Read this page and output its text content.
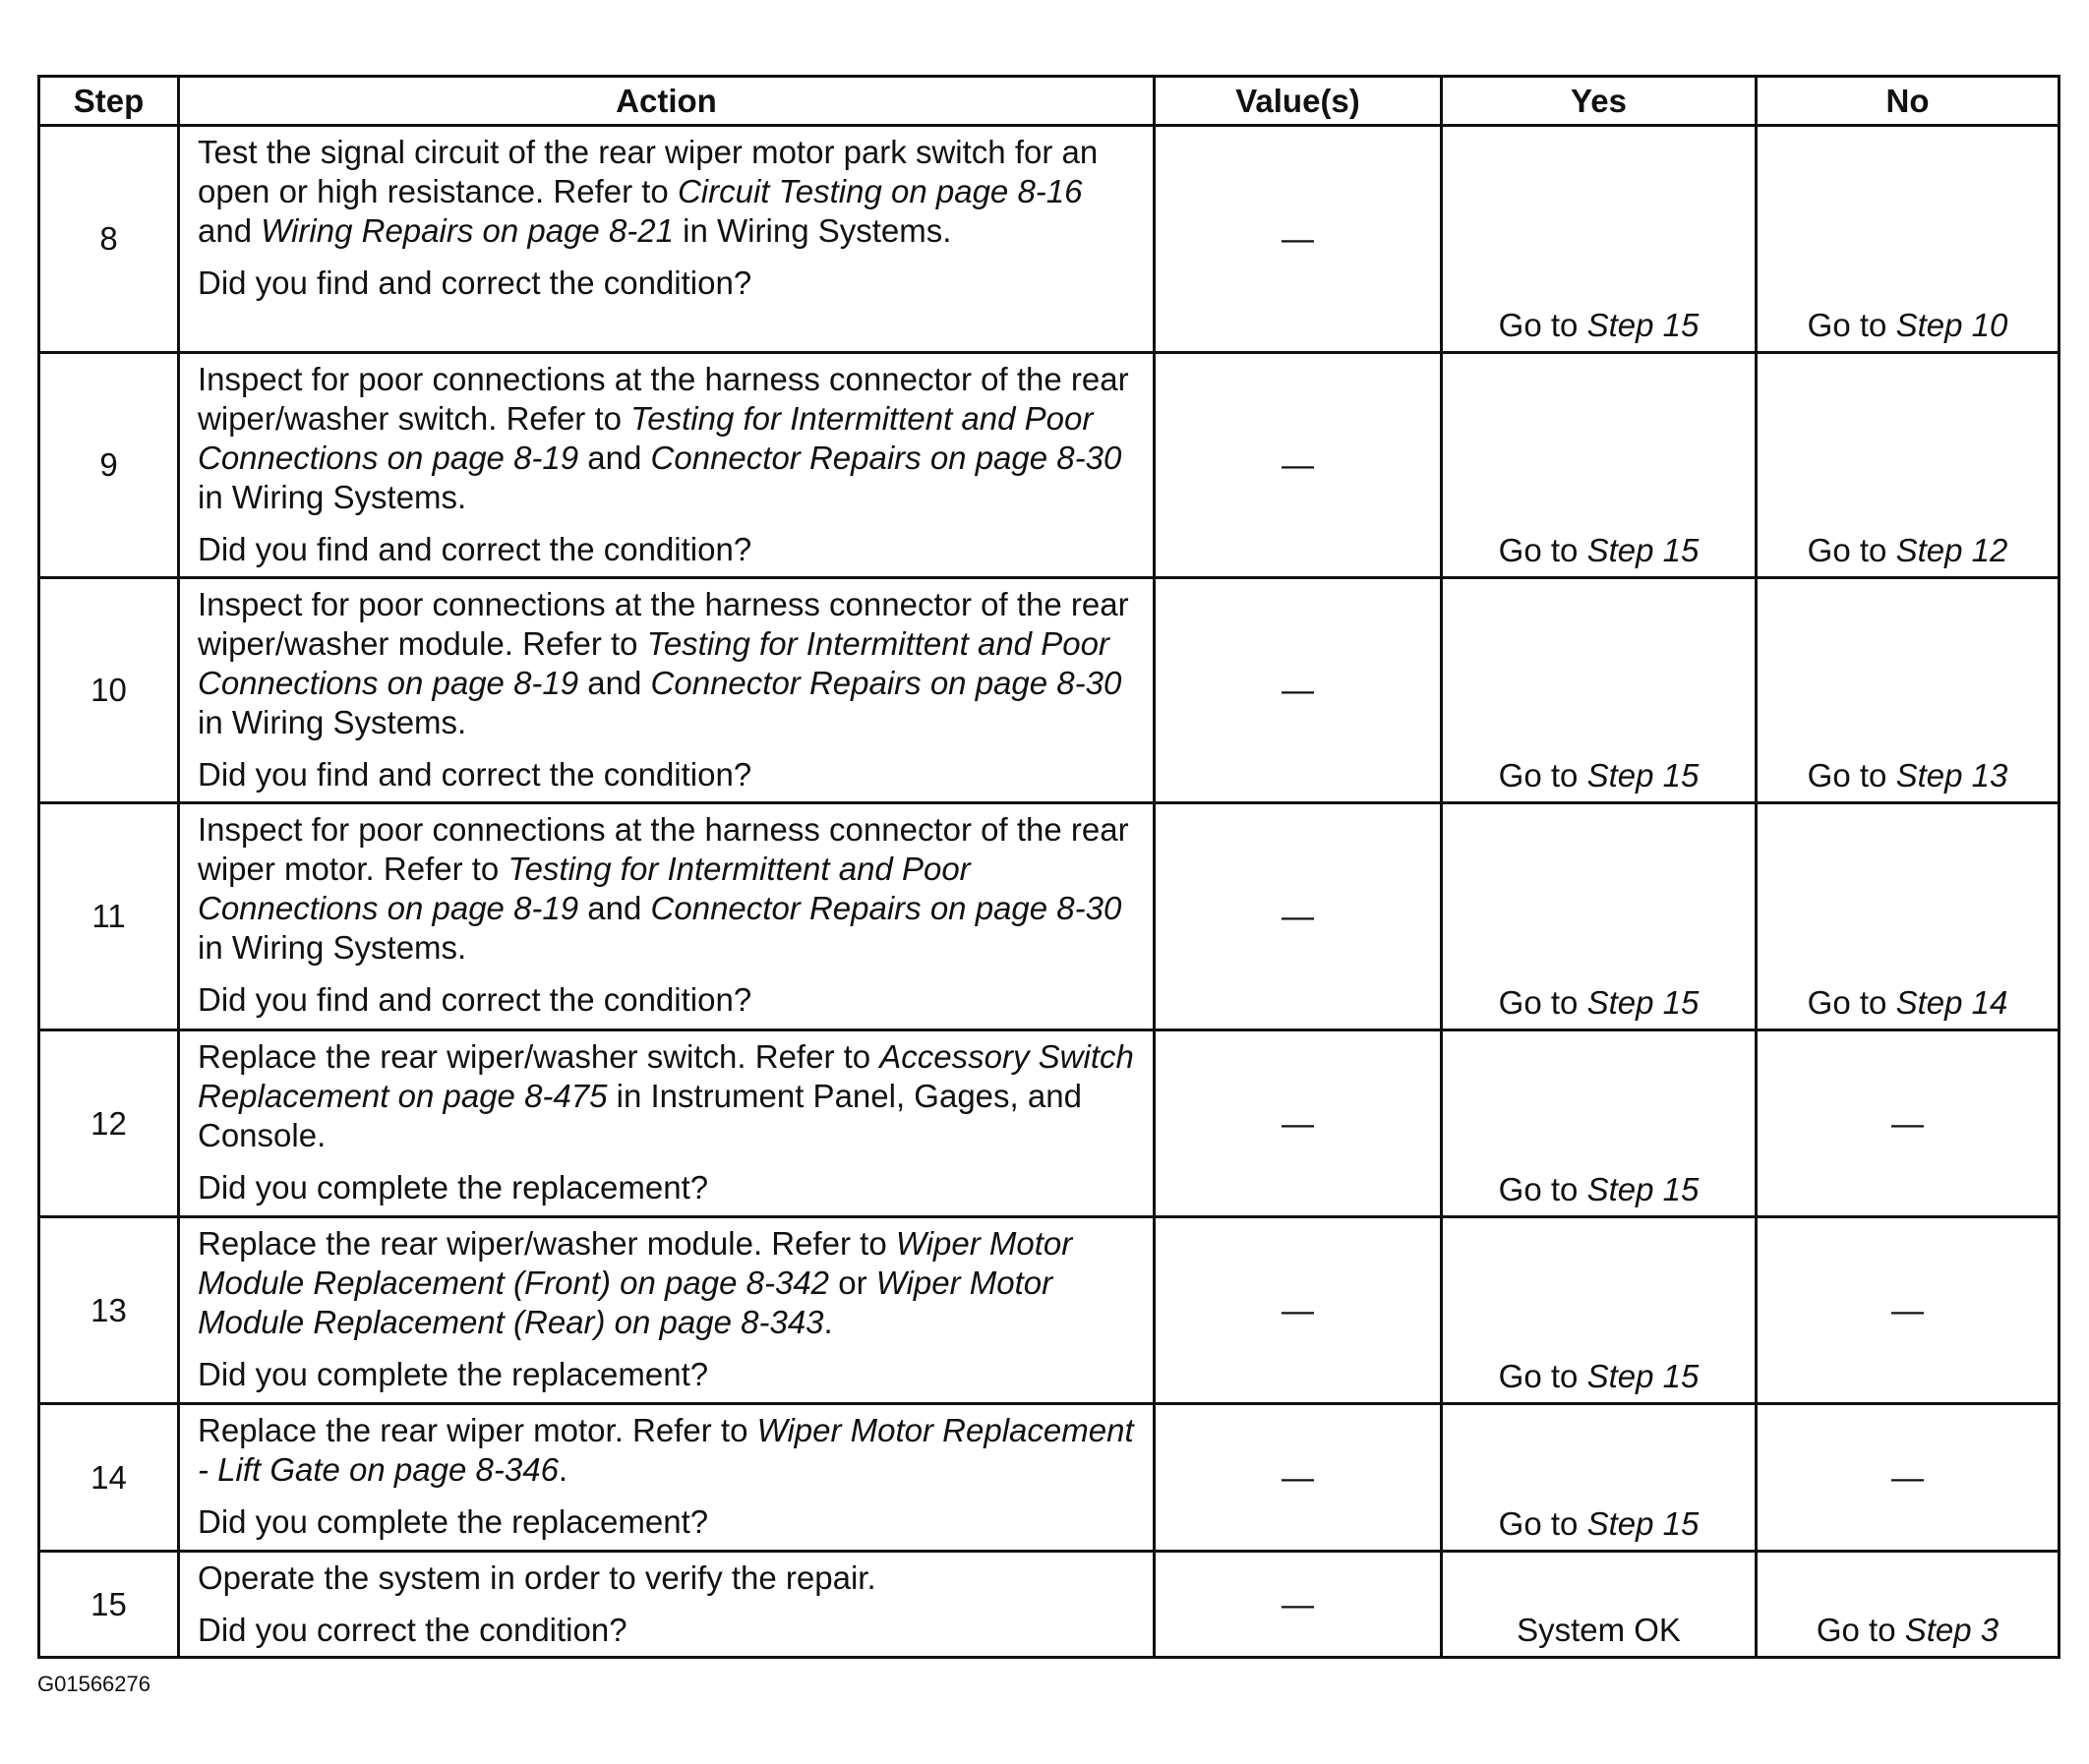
Step	Action	Value(s)	Yes	No
8	Test the signal circuit of the rear wiper motor park switch for an open or high resistance. Refer to Circuit Testing on page 8-16 and Wiring Repairs on page 8-21 in Wiring Systems.
Did you find and correct the condition?	—	Go to Step 15	Go to Step 10
9	Inspect for poor connections at the harness connector of the rear wiper/washer switch. Refer to Testing for Intermittent and Poor Connections on page 8-19 and Connector Repairs on page 8-30 in Wiring Systems.
Did you find and correct the condition?	—	Go to Step 15	Go to Step 12
10	Inspect for poor connections at the harness connector of the rear wiper/washer module. Refer to Testing for Intermittent and Poor Connections on page 8-19 and Connector Repairs on page 8-30 in Wiring Systems.
Did you find and correct the condition?	—	Go to Step 15	Go to Step 13
11	Inspect for poor connections at the harness connector of the rear wiper motor. Refer to Testing for Intermittent and Poor Connections on page 8-19 and Connector Repairs on page 8-30 in Wiring Systems.
Did you find and correct the condition?	—	Go to Step 15	Go to Step 14
12	Replace the rear wiper/washer switch. Refer to Accessory Switch Replacement on page 8-475 in Instrument Panel, Gages, and Console.
Did you complete the replacement?	—	Go to Step 15	—
13	Replace the rear wiper/washer module. Refer to Wiper Motor Module Replacement (Front) on page 8-342 or Wiper Motor Module Replacement (Rear) on page 8-343.
Did you complete the replacement?	—	Go to Step 15	—
14	Replace the rear wiper motor. Refer to Wiper Motor Replacement - Lift Gate on page 8-346.
Did you complete the replacement?	—	Go to Step 15	—
15	Operate the system in order to verify the repair.
Did you correct the condition?	—	System OK	Go to Step 3
G01566276
